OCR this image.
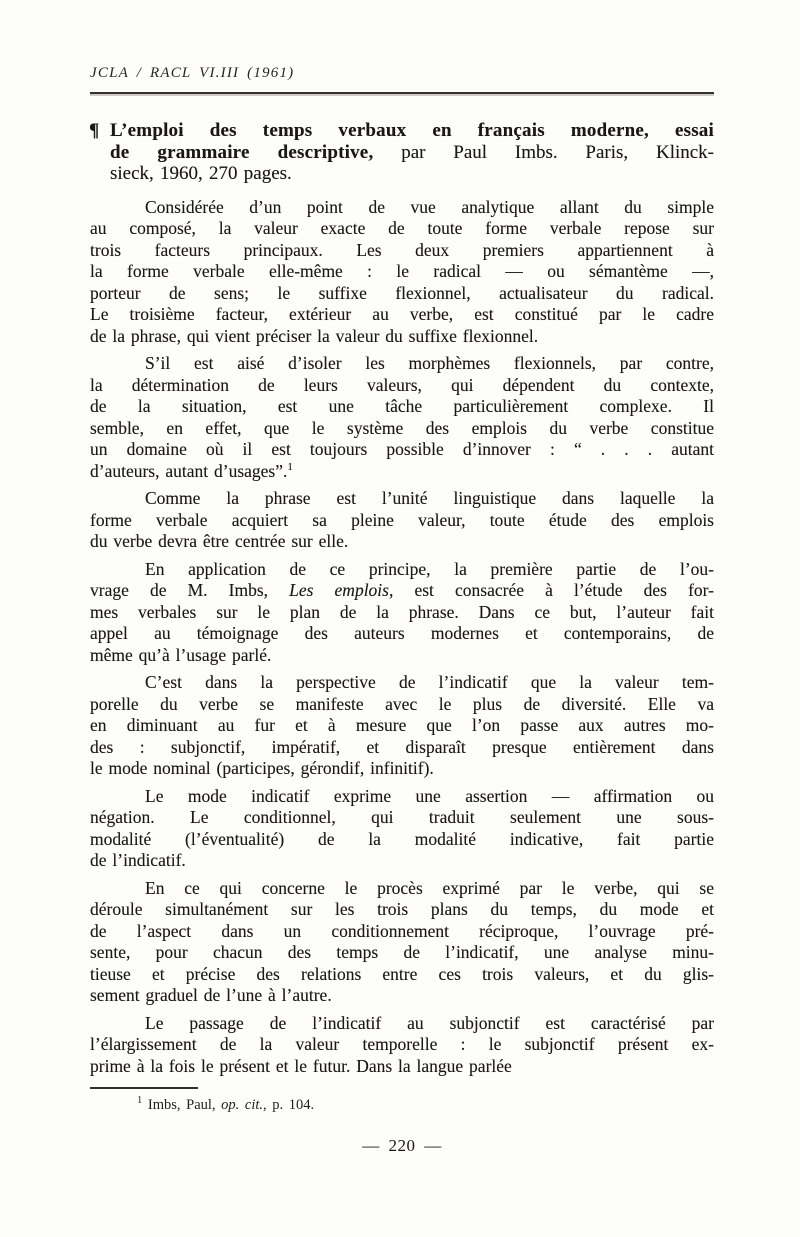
JCLA / RACL VI.III (1961)
¶ L’emploi des temps verbaux en français moderne, essai
de grammaire descriptive, par Paul Imbs. Paris, Klinck-
sieck, 1960, 270 pages.
Considérée d’un point de vue analytique allant du simple
au composé, la valeur exacte de toute forme verbale repose sur
trois facteurs principaux. Les deux premiers appartiennent à
la forme verbale elle-même : le radical — ou sémantème —,
porteur de sens; le suffixe flexionnel, actualisateur du radical.
Le troisième facteur, extérieur au verbe, est constitué par le cadre
de la phrase, qui vient préciser la valeur du suffixe flexionnel.
S’il est aisé d’isoler les morphèmes flexionnels, par contre,
la détermination de leurs valeurs, qui dépendent du contexte,
de la situation, est une tâche particulièrement complexe. Il
semble, en effet, que le système des emplois du verbe constitue
un domaine où il est toujours possible d’innover : “ . . . autant
d’auteurs, autant d’usages”.$^1$
Comme la phrase est l’unité linguistique dans laquelle la
forme verbale acquiert sa pleine valeur, toute étude des emplois
du verbe devra être centrée sur elle.
En application de ce principe, la première partie de l’ou-
vrage de M. Imbs, Les emplois, est consacrée à l’étude des for-
mes verbales sur le plan de la phrase. Dans ce but, l’auteur fait
appel au témoignage des auteurs modernes et contemporains, de
même qu’à l’usage parlé.
C’est dans la perspective de l’indicatif que la valeur tem-
porelle du verbe se manifeste avec le plus de diversité. Elle va
en diminuant au fur et à mesure que l’on passe aux autres mo-
des : subjonctif, impératif, et disparaît presque entièrement dans
le mode nominal (participes, gérondif, infinitif).
Le mode indicatif exprime une assertion — affirmation ou
négation. Le conditionnel, qui traduit seulement une sous-
modalité (l’éventualité) de la modalité indicative, fait partie
de l’indicatif.
En ce qui concerne le procès exprimé par le verbe, qui se
déroule simultanément sur les trois plans du temps, du mode et
de l’aspect dans un conditionnement réciproque, l’ouvrage pré-
sente, pour chacun des temps de l’indicatif, une analyse minu-
tieuse et précise des relations entre ces trois valeurs, et du glis-
sement graduel de l’une à l’autre.
Le passage de l’indicatif au subjonctif est caractérisé par
l’élargissement de la valeur temporelle : le subjonctif présent ex-
prime à la fois le présent et le futur. Dans la langue parlée
$^1$ Imbs, Paul, op. cit., p. 104.
— 220 —
